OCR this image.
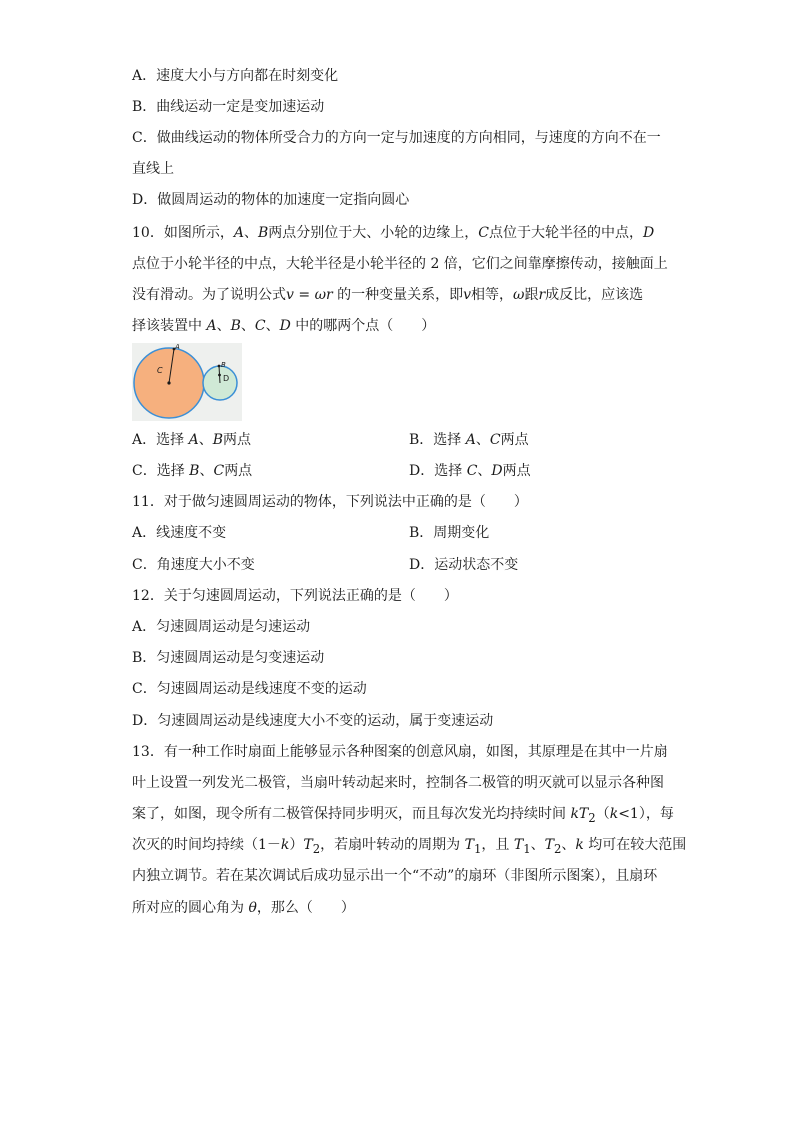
A．速度大小与方向都在时刻变化
B．曲线运动一定是变加速运动
C．做曲线运动的物体所受合力的方向一定与加速度的方向相同，与速度的方向不在一
直线上
D．做圆周运动的物体的加速度一定指向圆心
10．如图所示，A、B两点分别位于大、小轮的边缘上，C点位于大轮半径的中点，D
点位于小轮半径的中点，大轮半径是小轮半径的 2 倍，它们之间靠摩擦传动，接触面上
没有滑动。为了说明公式v = ωr 的一种变量关系，即v相等，ω跟r成反比，应该选
择该装置中 A、B、C、D 中的哪两个点（　　）
A
B
C
D
A．选择 A、B两点	B．选择 A、C两点
C．选择 B、C两点	D．选择 C、D两点
11．对于做匀速圆周运动的物体，下列说法中正确的是（　　）
A．线速度不变	B．周期变化
C．角速度大小不变	D．运动状态不变
12．关于匀速圆周运动，下列说法正确的是（　　）
A．匀速圆周运动是匀速运动
B．匀速圆周运动是匀变速运动
C．匀速圆周运动是线速度不变的运动
D．匀速圆周运动是线速度大小不变的运动，属于变速运动
13．有一种工作时扇面上能够显示各种图案的创意风扇，如图，其原理是在其中一片扇
叶上设置一列发光二极管，当扇叶转动起来时，控制各二极管的明灭就可以显示各种图
案了，如图，现令所有二极管保持同步明灭，而且每次发光均持续时间 $kT_2(k<1)$，每
次灭的时间均持续$(1-k)T_2$，若扇叶转动的周期为 $T_1$，且 $T_1$、$T_2$、k 均可在较大范围
内独立调节。若在某次调试后成功显示出一个“不动”的扇环（非图所示图案），且扇环
所对应的圆心角为 θ，那么（　　）
